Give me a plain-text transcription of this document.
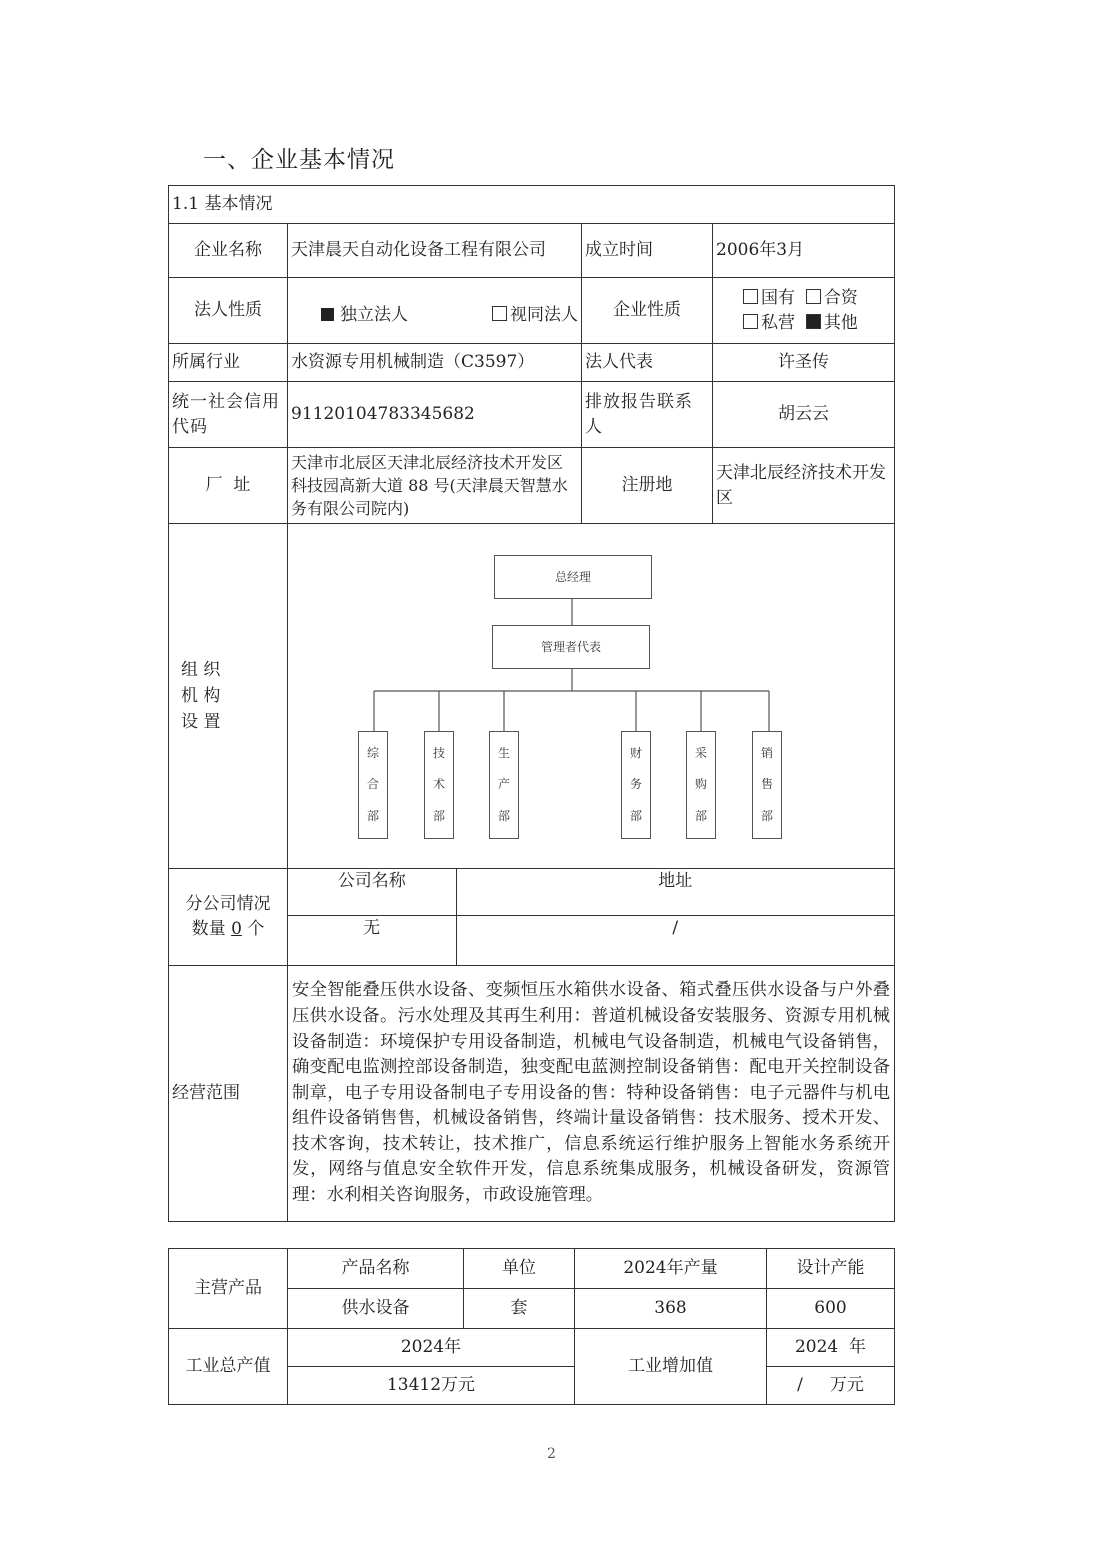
一、企业基本情况
1.1 基本情况
企业名称	天津晨天自动化设备工程有限公司	成立时间	2006年3月
法人性质	独立法人	视同法人	企业性质	
国有 合资
私营 其他

所属行业	水资源专用机械制造（C3597）	法人代表	许圣传
统一社会信用代码	91120104783345682	排放报告联系人	胡云云
厂  址	天津市北辰区天津北辰经济技术开发区科技园高新大道 88 号(天津晨天智慧水务有限公司院内)	注册地	天津北辰经济技术开发区

组 织 机 构 设 置

总经理
管理者代表
综
合
部
技
术
部
生
产
部
财
务
部
采
购
部
销
售
部

分公司情况
数量 0 个

公司名称	地址
无	/

经营范围	安全智能叠压供水设备、变频恒压水箱供水设备、箱式叠压供水设备与户外叠压供水设备。污水处理及其再生利用：普道机械设备安装服务、资源专用机械设备制造：环境保护专用设备制造，机械电气设备制造，机械电气设备销售，确变配电监测控部设备制造，独变配电蓝测控制设备销售：配电开关控制设备制章，电子专用设备制电子专用设备的售：特种设备销售：电子元器件与机电组件设备销售售，机械设备销售，终端计量设备销售：技术服务、授术开发、技术客询，技术转让，技术推广，信息系统运行维护服务上智能水务系统开发，网络与值息安全软件开发，信息系统集成服务，机械设备研发，资源管理：水利相关咨询服务，市政设施管理。
主营产品	产品名称	单位	2024年产量	设计产能
	供水设备	套	368	600
工业总产值	2024年		工业增加值	2024  年
	13412万元			/     万元
2
